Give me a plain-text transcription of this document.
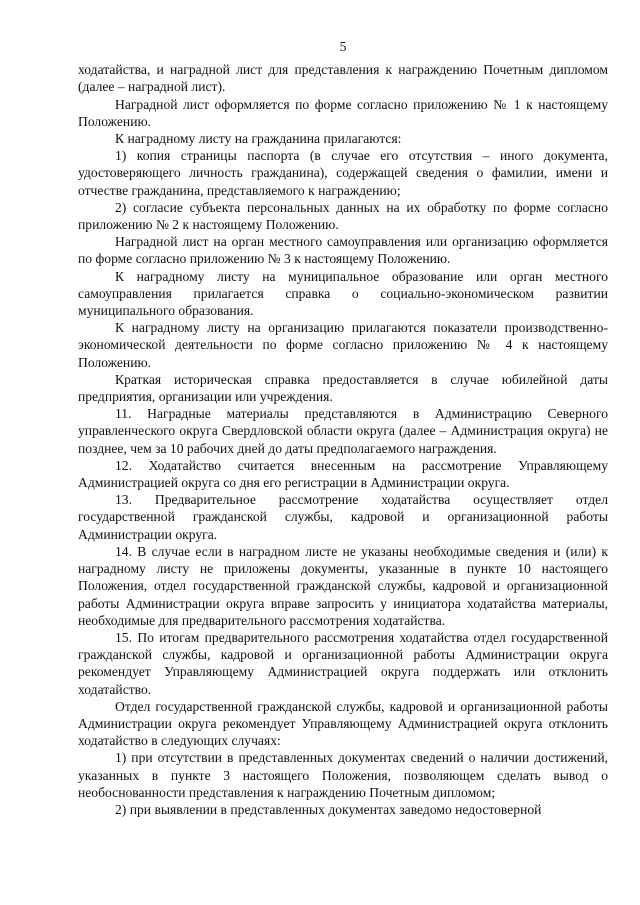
5

ходатайства, и наградной лист для представления к награждению Почетным дипломом (далее – наградной лист).

Наградной лист оформляется по форме согласно приложению № 1 к настоящему Положению.

К наградному листу на гражданина прилагаются:

1) копия страницы паспорта (в случае его отсутствия – иного документа, удостоверяющего личность гражданина), содержащей сведения о фамилии, имени и отчестве гражданина, представляемого к награждению;

2) согласие субъекта персональных данных на их обработку по форме согласно приложению № 2 к настоящему Положению.

Наградной лист на орган местного самоуправления или организацию оформляется по форме согласно приложению № 3 к настоящему Положению.

К наградному листу на муниципальное образование или орган местного самоуправления прилагается справка о социально-экономическом развитии муниципального образования.

К наградному листу на организацию прилагаются показатели производственно-экономической деятельности по форме согласно приложению № 4 к настоящему Положению.

Краткая историческая справка предоставляется в случае юбилейной даты предприятия, организации или учреждения.

11. Наградные материалы представляются в Администрацию Северного управленческого округа Свердловской области округа (далее – Администрация округа) не позднее, чем за 10 рабочих дней до даты предполагаемого награждения.

12. Ходатайство считается внесенным на рассмотрение Управляющему Администрацией округа со дня его регистрации в Администрации округа.

13. Предварительное рассмотрение ходатайства осуществляет отдел государственной гражданской службы, кадровой и организационной работы Администрации округа.

14. В случае если в наградном листе не указаны необходимые сведения и (или) к наградному листу не приложены документы, указанные в пункте 10 настоящего Положения, отдел государственной гражданской службы, кадровой и организационной работы Администрации округа вправе запросить у инициатора ходатайства материалы, необходимые для предварительного рассмотрения ходатайства.

15. По итогам предварительного рассмотрения ходатайства отдел государственной гражданской службы, кадровой и организационной работы Администрации округа рекомендует Управляющему Администрацией округа поддержать или отклонить ходатайство.

Отдел государственной гражданской службы, кадровой и организационной работы Администрации округа рекомендует Управляющему Администрацией округа отклонить ходатайство в следующих случаях:

1) при отсутствии в представленных документах сведений о наличии достижений, указанных в пункте 3 настоящего Положения, позволяющем сделать вывод о необоснованности представления к награждению Почетным дипломом;

2) при выявлении в представленных документах заведомо недостоверной
